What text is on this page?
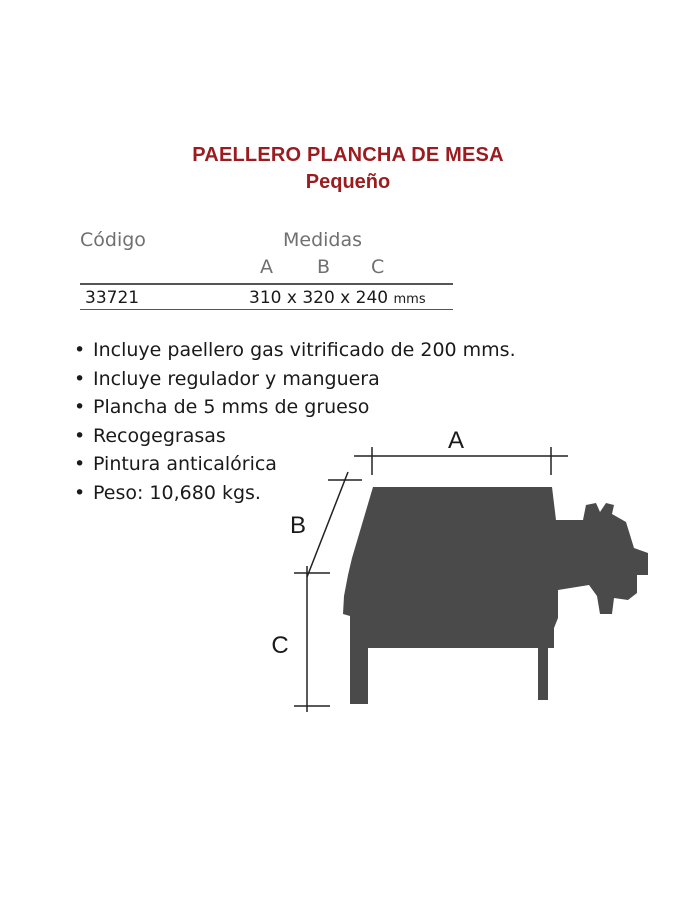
PAELLERO PLANCHA DE MESA
Pequeño
Código	Medidas
A B C
33721	310 x 320 x 240 mms
• Incluye paellero gas vitrificado de 200 mms.
• Incluye regulador y manguera
• Plancha de 5 mms de grueso
• Recogegrasas
• Pintura anticalórica
• Peso: 10,680 kgs.
A
B
C
